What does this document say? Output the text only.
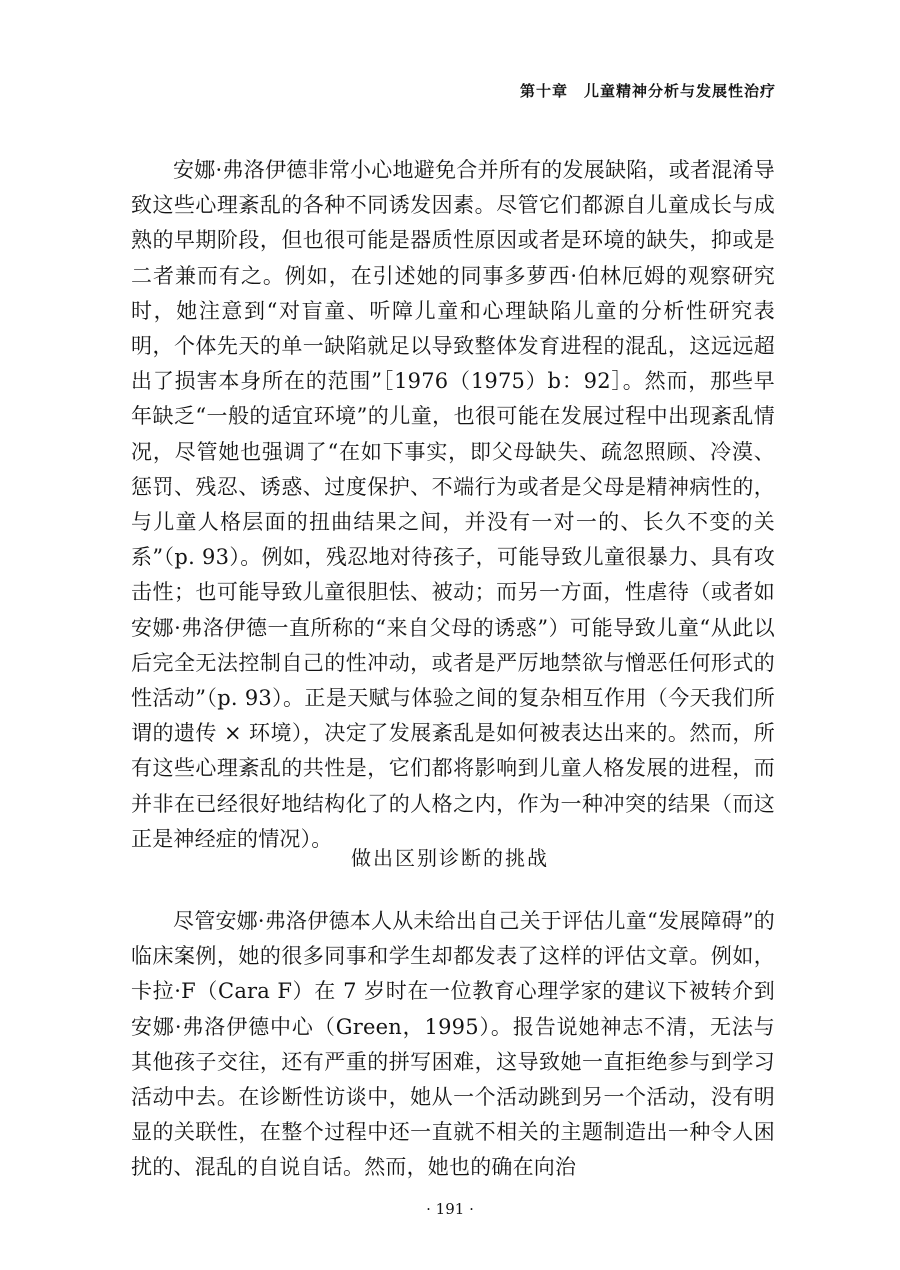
第十章　儿童精神分析与发展性治疗

安娜·弗洛伊德非常小心地避免合并所有的发展缺陷，或者混淆导致这些心理紊乱的各种不同诱发因素。尽管它们都源自儿童成长与成熟的早期阶段，但也很可能是器质性原因或者是环境的缺失，抑或是二者兼而有之。例如，在引述她的同事多萝西·伯林厄姆的观察研究时，她注意到“对盲童、听障儿童和心理缺陷儿童的分析性研究表明，个体先天的单一缺陷就足以导致整体发育进程的混乱，这远远超出了损害本身所在的范围”［1976（1975）b：92］。然而，那些早年缺乏“一般的适宜环境”的儿童，也很可能在发展过程中出现紊乱情况，尽管她也强调了“在如下事实，即父母缺失、疏忽照顾、冷漠、惩罚、残忍、诱惑、过度保护、不端行为或者是父母是精神病性的，与儿童人格层面的扭曲结果之间，并没有一对一的、长久不变的关系”（p. 93）。例如，残忍地对待孩子，可能导致儿童很暴力、具有攻击性；也可能导致儿童很胆怯、被动；而另一方面，性虐待（或者如安娜·弗洛伊德一直所称的“来自父母的诱惑”）可能导致儿童“从此以后完全无法控制自己的性冲动，或者是严厉地禁欲与憎恶任何形式的性活动”（p. 93）。正是天赋与体验之间的复杂相互作用（今天我们所谓的遗传 × 环境），决定了发展紊乱是如何被表达出来的。然而，所有这些心理紊乱的共性是，它们都将影响到儿童人格发展的进程，而并非在已经很好地结构化了的人格之内，作为一种冲突的结果（而这正是神经症的情况）。

做出区别诊断的挑战

尽管安娜·弗洛伊德本人从未给出自己关于评估儿童“发展障碍”的临床案例，她的很多同事和学生却都发表了这样的评估文章。例如，卡拉·F（Cara F）在 7 岁时在一位教育心理学家的建议下被转介到安娜·弗洛伊德中心（Green，1995）。报告说她神志不清，无法与其他孩子交往，还有严重的拼写困难，这导致她一直拒绝参与到学习活动中去。在诊断性访谈中，她从一个活动跳到另一个活动，没有明显的关联性，在整个过程中还一直就不相关的主题制造出一种令人困扰的、混乱的自说自话。然而，她也的确在向治

· 191 ·
